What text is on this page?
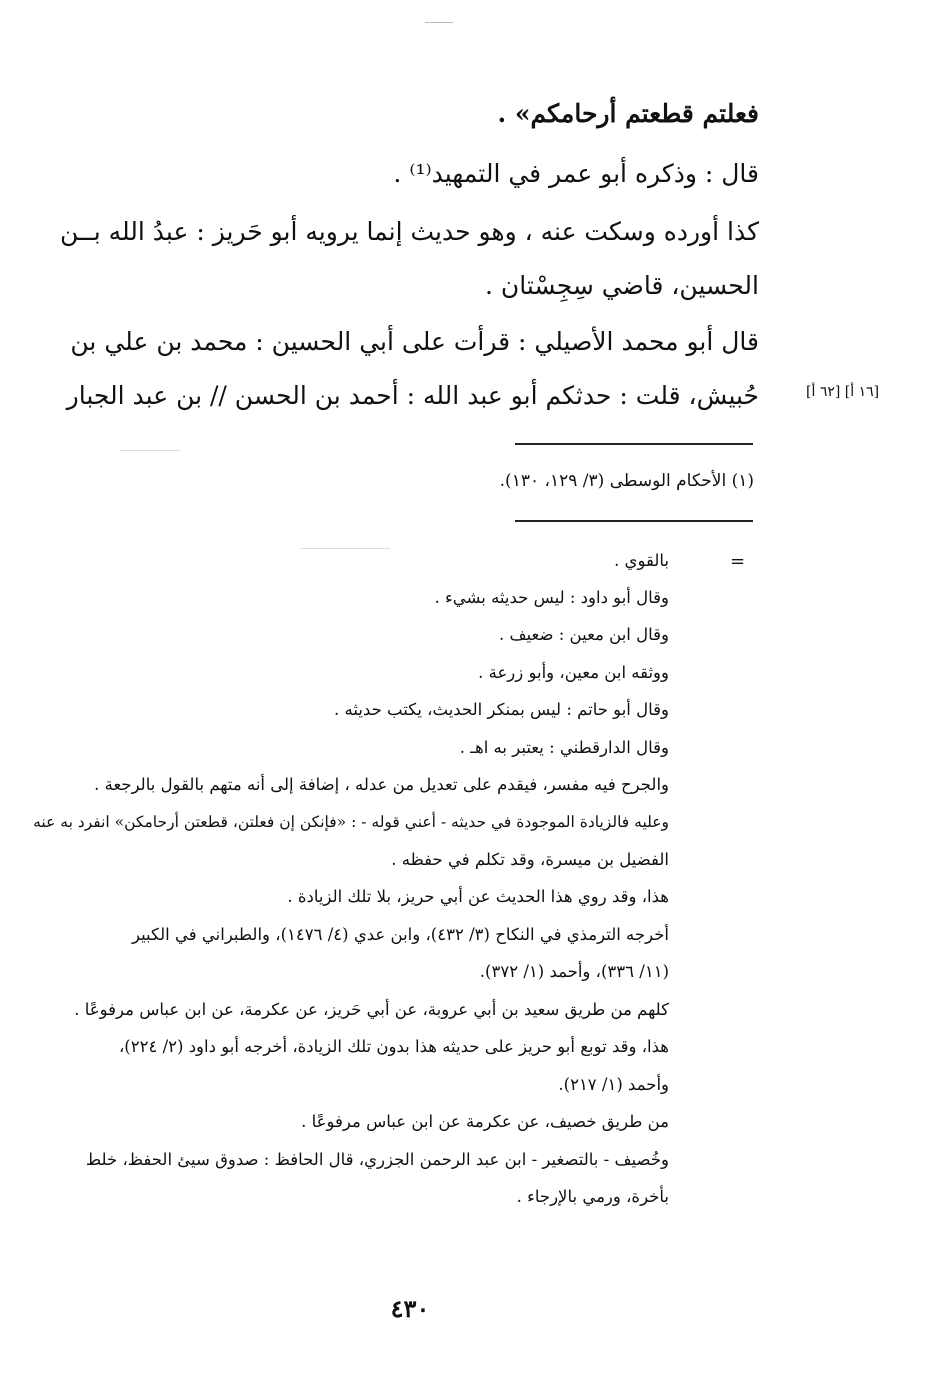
فعلتم قطعتم أرحامكم» .
قال : وذكره أبو عمر في التمهيد⁽¹⁾ .
كذا أورده وسكت عنه ، وهو حديث إنما يرويه أبو حَريز : عبدُ الله بــن
الحسين، قاضي سِجِسْتان .
قال أبو محمد الأصيلي : قرأت على أبي الحسين : محمد بن علي بن
حُبيش، قلت : حدثكم أبو عبد الله : أحمد بن الحسن // بن عبد الجبار	[١٦ أ] [٦٢ أ]
(١) الأحكام الوسطى (٣/ ١٢٩، ١٣٠).
=
بالقوي .
وقال أبو داود : ليس حديثه بشيء .
وقال ابن معين : ضعيف .
ووثقه ابن معين، وأبو زرعة .
وقال أبو حاتم : ليس بمنكر الحديث، يكتب حديثه .
وقال الدارقطني : يعتبر به اهـ .
والجرح فيه مفسر، فيقدم على تعديل من عدله ، إضافة إلى أنه متهم بالقول بالرجعة .
وعليه فالزيادة الموجودة في حديثه - أعني قوله - : «فإنكن إن فعلتن، قطعتن أرحامكن» انفرد به عنه
الفضيل بن ميسرة، وقد تكلم في حفظه .
هذا، وقد روي هذا الحديث عن أبي حريز، بلا تلك الزيادة .
أخرجه الترمذي في النكاح (٣/ ٤٣٢)، وابن عدي (٤/ ١٤٧٦)، والطبراني في الكبير
(١١/ ٣٣٦)، وأحمد (١/ ٣٧٢).
كلهم من طريق سعيد بن أبي عروبة، عن أبي حَريز، عن عكرمة، عن ابن عباس مرفوعًا .
هذا، وقد توبع أبو حريز على حديثه هذا بدون تلك الزيادة، أخرجه أبو داود (٢/ ٢٢٤)،
وأحمد (١/ ٢١٧).
من طريق خصيف، عن عكرمة عن ابن عباس مرفوعًا .
وخُصيف - بالتصغير - ابن عبد الرحمن الجزري، قال الحافظ : صدوق سيئ الحفظ، خلط
بأخرة، ورمي بالإرجاء .
٤٣٠
